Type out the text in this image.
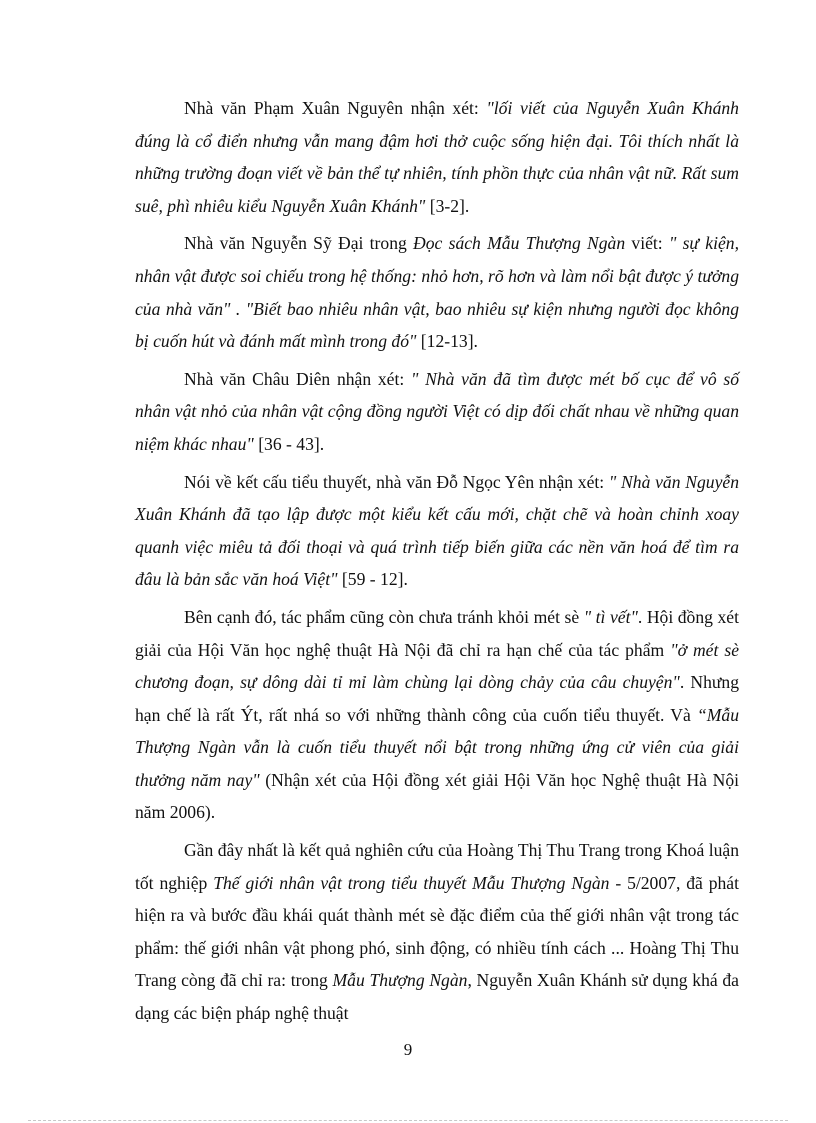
Nhà văn Phạm Xuân Nguyên nhận xét: "lối viết của Nguyễn Xuân Khánh đúng là cổ điển nhưng vẫn mang đậm hơi thở cuộc sống hiện đại. Tôi thích nhất là những trường đoạn viết về bản thể tự nhiên, tính phồn thực của nhân vật nữ. Rất sum suê, phì nhiêu kiểu Nguyễn Xuân Khánh" [3-2].

Nhà văn Nguyễn Sỹ Đại trong Đọc sách Mẫu Thượng Ngàn viết: " sự kiện, nhân vật được soi chiếu trong hệ thống: nhỏ hơn, rõ hơn và làm nổi bật được ý tưởng của nhà văn" . "Biết bao nhiêu nhân vật, bao nhiêu sự kiện nhưng người đọc không bị cuốn hút và đánh mất mình trong đó" [12-13].

Nhà văn Châu Diên nhận xét: " Nhà văn đã tìm được mét bố cục để vô số nhân vật nhỏ của nhân vật cộng đồng người Việt có dịp đối chất nhau về những quan niệm khác nhau" [36 - 43].

Nói về kết cấu tiểu thuyết, nhà văn Đỗ Ngọc Yên nhận xét: " Nhà văn Nguyễn Xuân Khánh đã tạo lập được một kiểu kết cấu mới, chặt chẽ và hoàn chỉnh xoay quanh việc miêu tả đối thoại và quá trình tiếp biến giữa các nền văn hoá để tìm ra đâu là bản sắc văn hoá Việt" [59 - 12].

Bên cạnh đó, tác phẩm cũng còn chưa tránh khỏi mét sè " tì vết". Hội đồng xét giải của Hội Văn học nghệ thuật Hà Nội đã chỉ ra hạn chế của tác phẩm "ở mét sè chương đoạn, sự dông dài tỉ mỉ làm chùng lại dòng chảy của câu chuyện". Nhưng hạn chế là rất Ýt, rất nhá so với những thành công của cuốn tiểu thuyết. Và “Mẫu Thượng Ngàn vẫn là cuốn tiểu thuyết nổi bật trong những ứng cử viên của giải thưởng năm nay" (Nhận xét của Hội đồng xét giải Hội Văn học Nghệ thuật Hà Nội năm 2006).

Gần đây nhất là kết quả nghiên cứu của Hoàng Thị Thu Trang trong Khoá luận tốt nghiệp Thế giới nhân vật trong tiểu thuyết Mẫu Thượng Ngàn - 5/2007, đã phát hiện ra và bước đầu khái quát thành mét sè đặc điểm của thế giới nhân vật trong tác phẩm: thế giới nhân vật phong phó, sinh động, có nhiều tính cách ... Hoàng Thị Thu Trang còng đã chỉ ra: trong Mẫu Thượng Ngàn, Nguyễn Xuân Khánh sử dụng khá đa dạng các biện pháp nghệ thuật

9
